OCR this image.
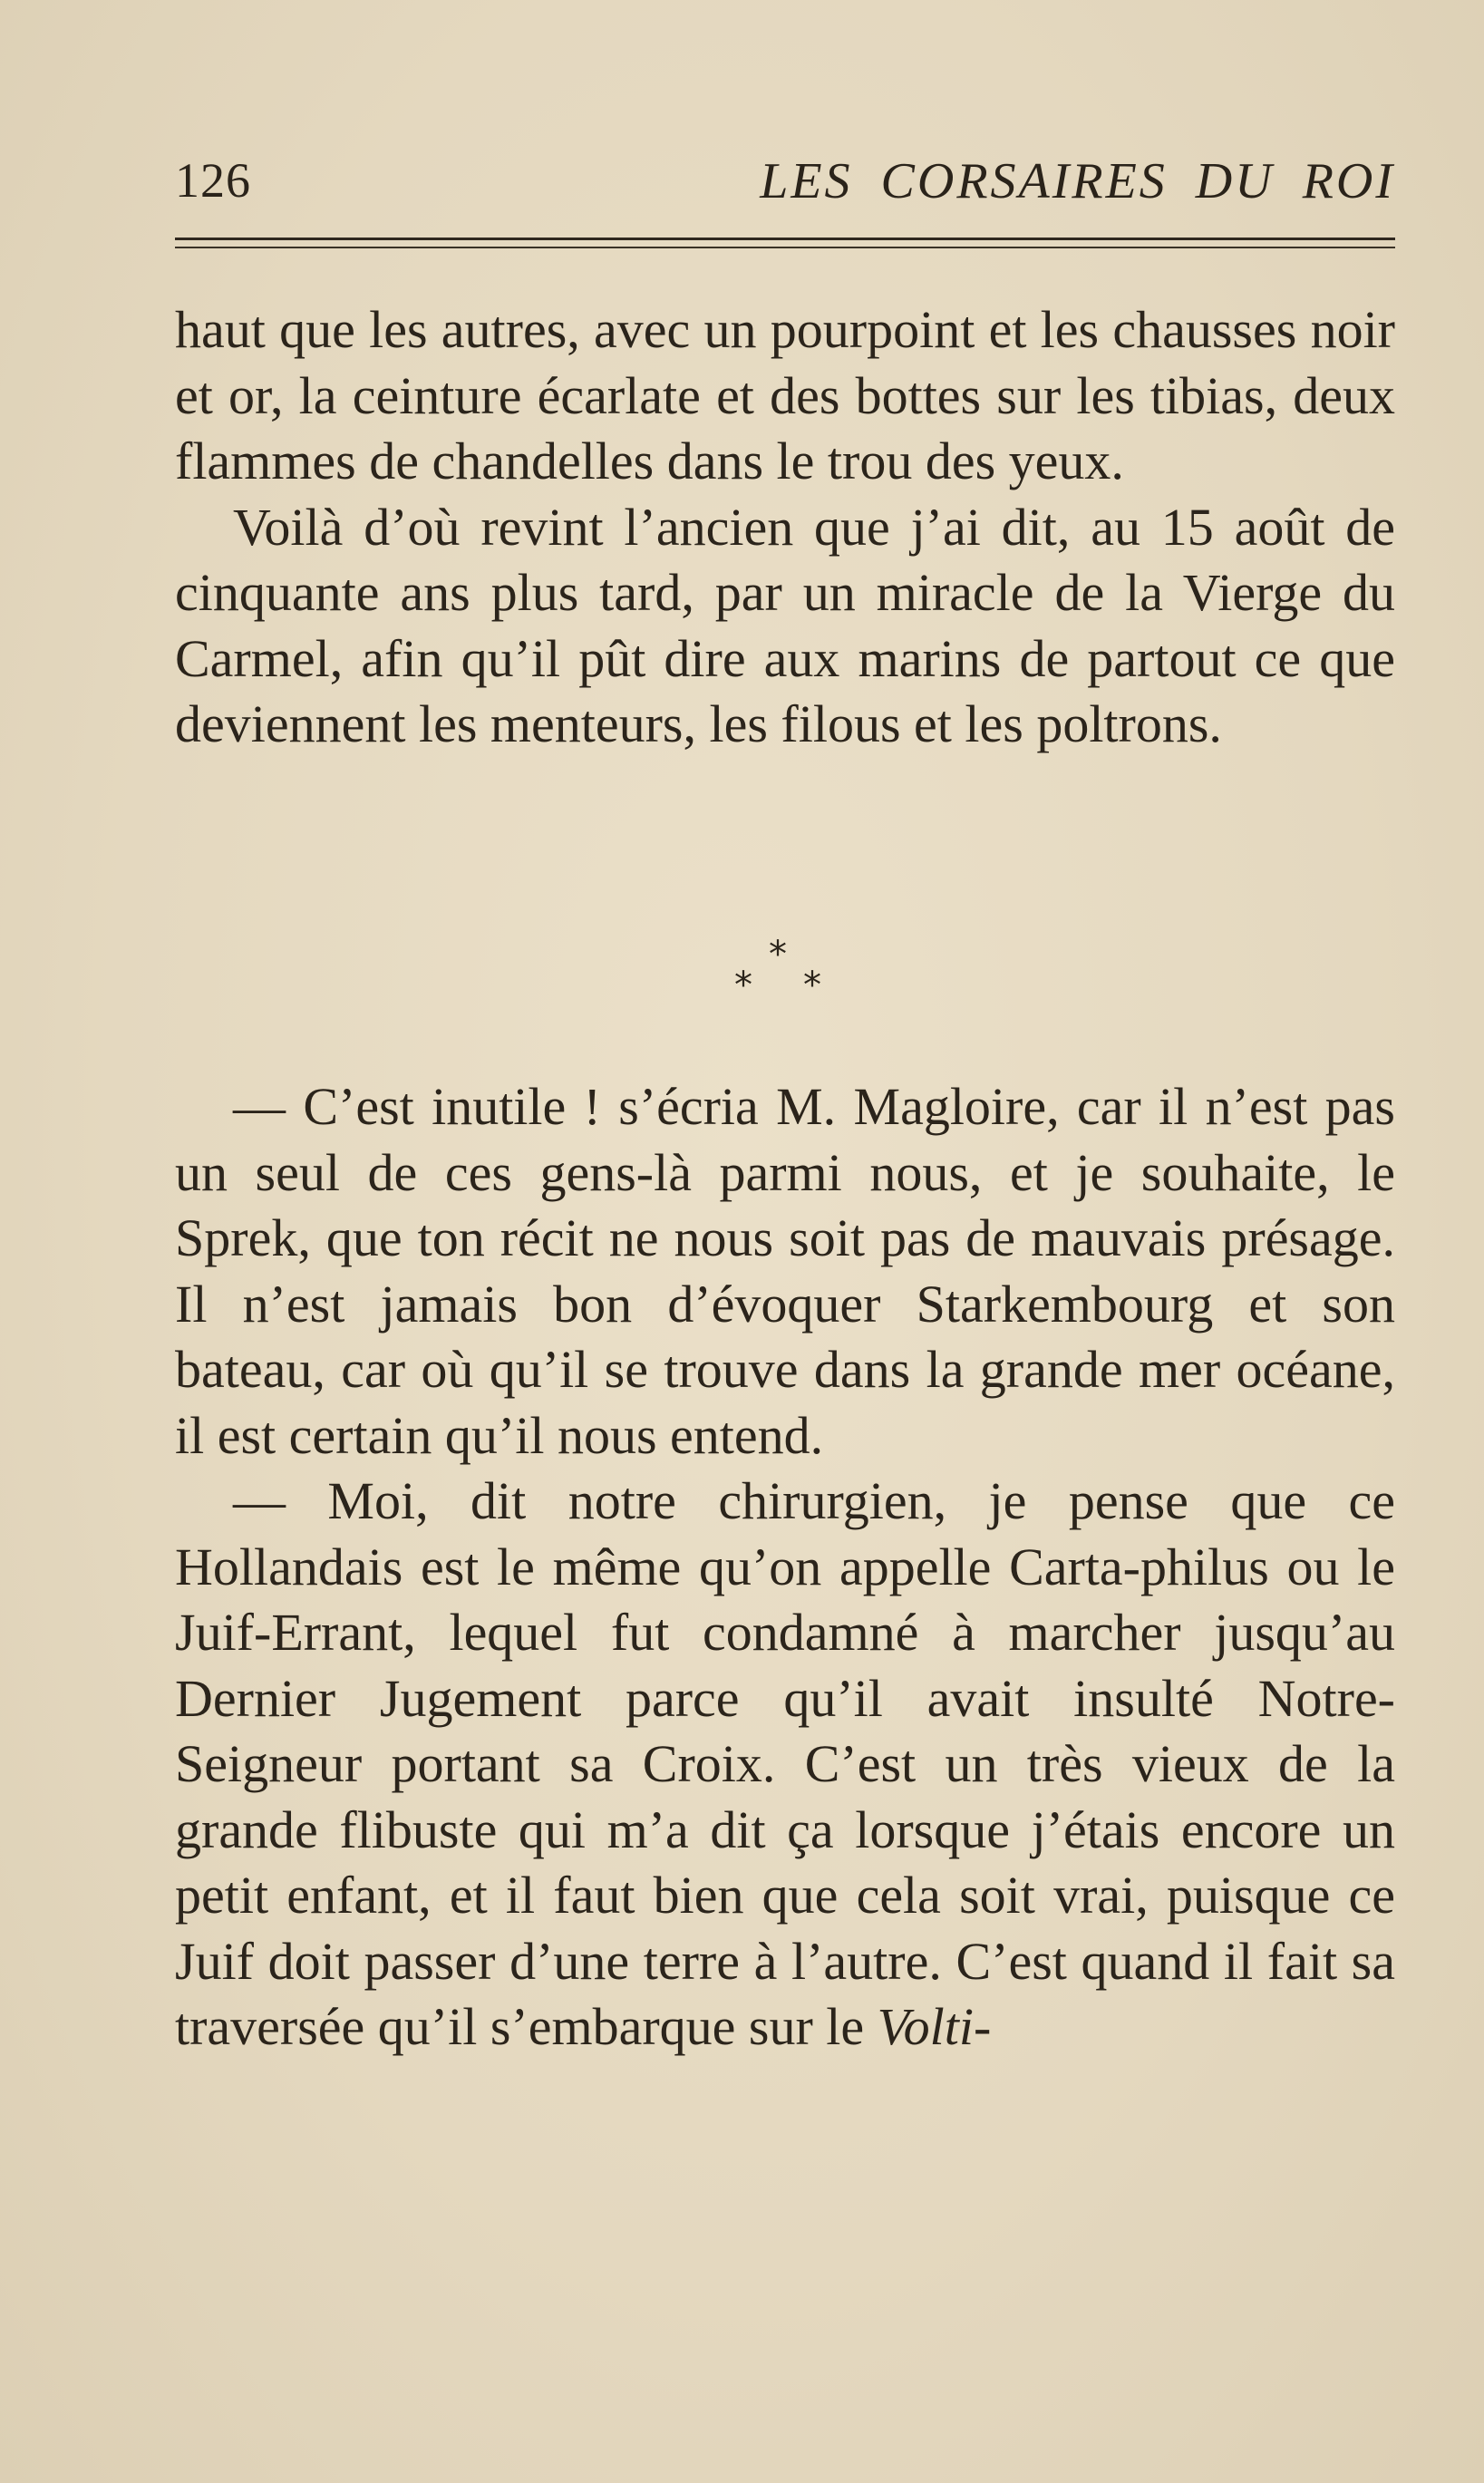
126	LES CORSAIRES DU ROI

haut que les autres, avec un pourpoint et les chausses noir et or, la ceinture écarlate et des bottes sur les tibias, deux flammes de chandelles dans le trou des yeux.

Voilà d’où revint l’ancien que j’ai dit, au 15 août de cinquante ans plus tard, par un miracle de la Vierge du Carmel, afin qu’il pût dire aux marins de partout ce que deviennent les menteurs, les filous et les poltrons.

*
* *

— C’est inutile ! s’écria M. Magloire, car il n’est pas un seul de ces gens-là parmi nous, et je souhaite, le Sprek, que ton récit ne nous soit pas de mauvais présage. Il n’est jamais bon d’évoquer Starkembourg et son bateau, car où qu’il se trouve dans la grande mer océane, il est certain qu’il nous entend.

— Moi, dit notre chirurgien, je pense que ce Hollandais est le même qu’on appelle Carta-philus ou le Juif-Errant, lequel fut condamné à marcher jusqu’au Dernier Jugement parce qu’il avait insulté Notre-Seigneur portant sa Croix. C’est un très vieux de la grande flibuste qui m’a dit ça lorsque j’étais encore un petit enfant, et il faut bien que cela soit vrai, puisque ce Juif doit passer d’une terre à l’autre. C’est quand il fait sa traversée qu’il s’embarque sur le Volti-
